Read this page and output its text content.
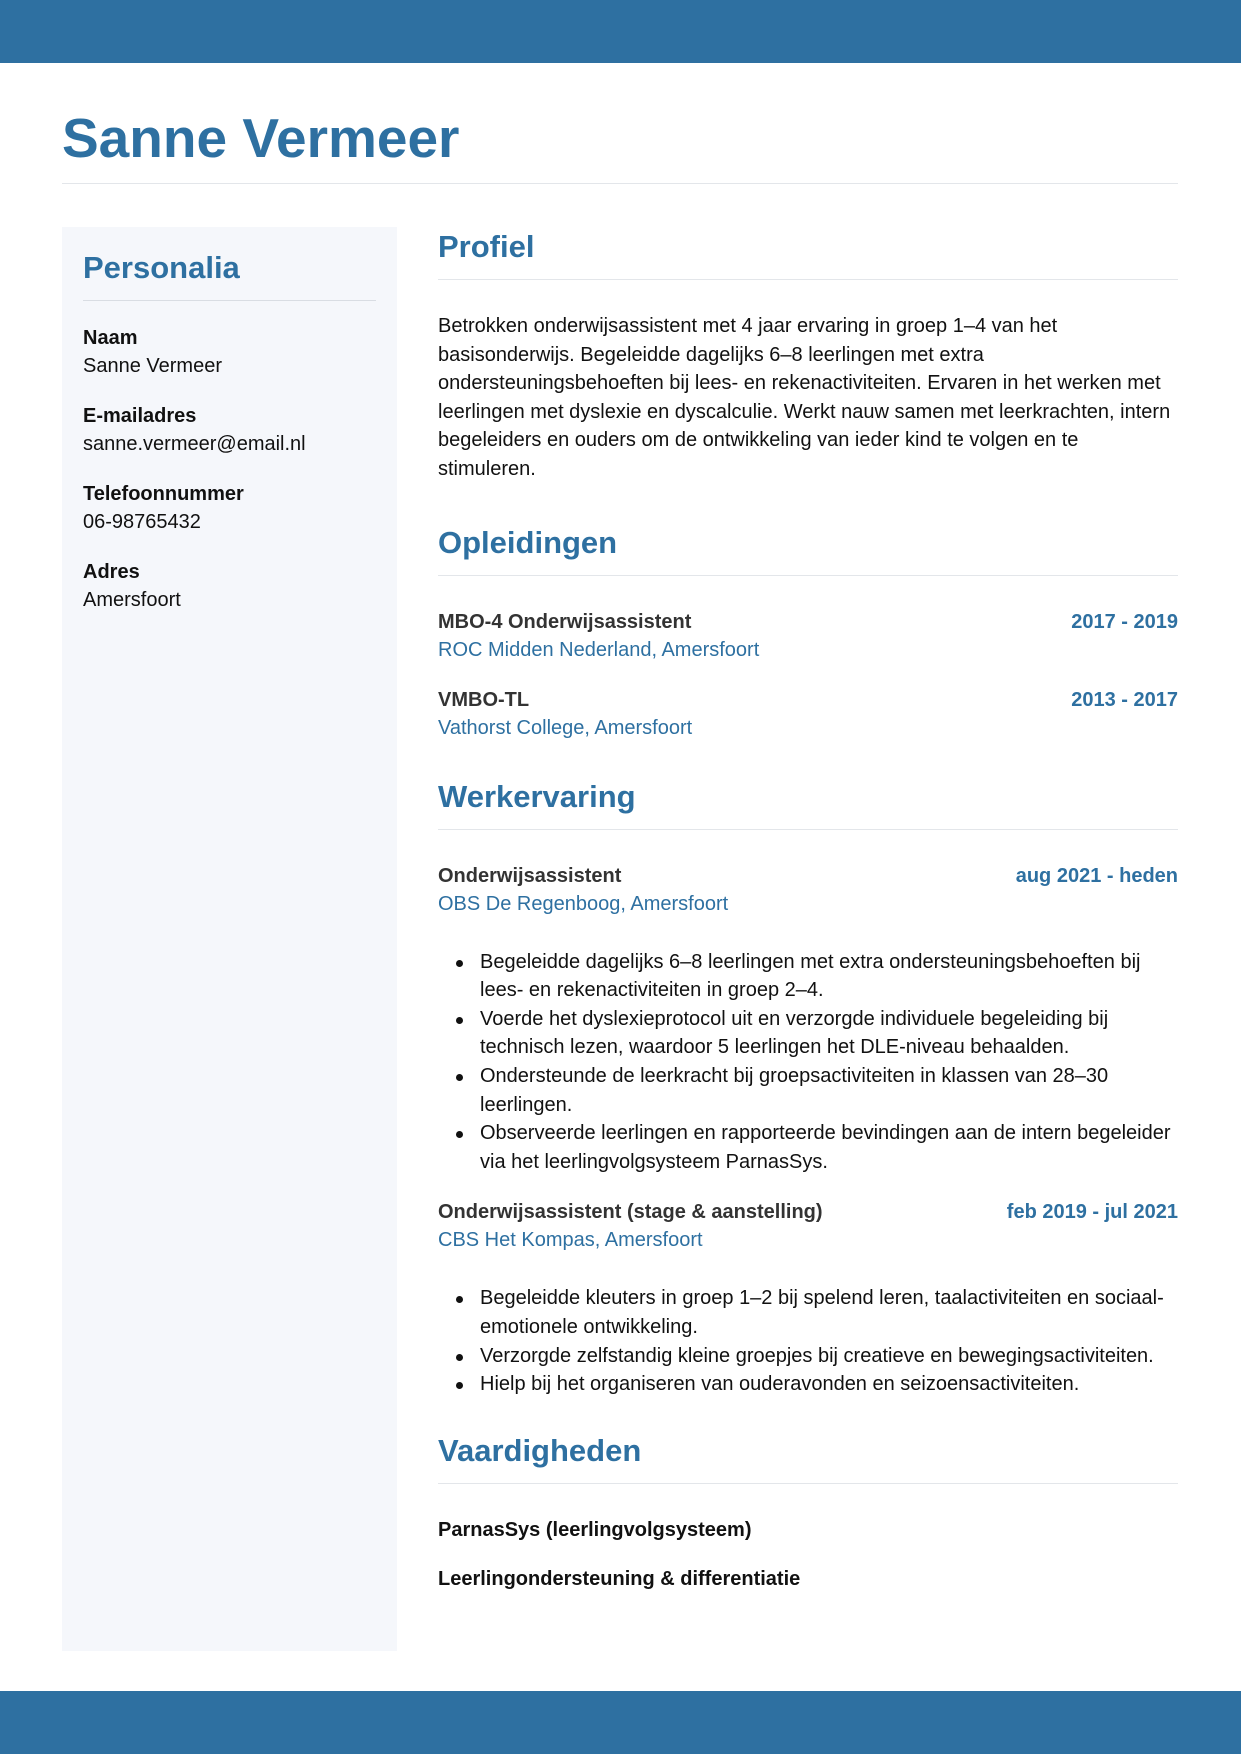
Sanne Vermeer
Personalia
Naam
Sanne Vermeer
E-mailadres
sanne.vermeer@email.nl
Telefoonnummer
06-98765432
Adres
Amersfoort
Profiel

Betrokken onderwijsassistent met 4 jaar ervaring in groep 1–4 van het basisonderwijs. Begeleidde dagelijks 6–8 leerlingen met extra ondersteuningsbehoeften bij lees- en rekenactiviteiten. Ervaren in het werken met leerlingen met dyslexie en dyscalculie. Werkt nauw samen met leerkrachten, intern begeleiders en ouders om de ontwikkeling van ieder kind te volgen en te stimuleren.

Opleidingen
MBO-4 Onderwijsassistent	2017 - 2019
ROC Midden Nederland, Amersfoort
VMBO-TL	2013 - 2017
Vathorst College, Amersfoort
Werkervaring
Onderwijsassistent	aug 2021 - heden
OBS De Regenboog, Amersfoort
Begeleidde dagelijks 6–8 leerlingen met extra ondersteuningsbehoeften bij lees- en rekenactiviteiten in groep 2–4.
Voerde het dyslexieprotocol uit en verzorgde individuele begeleiding bij technisch lezen, waardoor 5 leerlingen het DLE-niveau behaalden.
Ondersteunde de leerkracht bij groepsactiviteiten in klassen van 28–30 leerlingen.
Observeerde leerlingen en rapporteerde bevindingen aan de intern begeleider via het leerlingvolgsysteem ParnasSys.
Onderwijsassistent (stage & aanstelling)	feb 2019 - jul 2021
CBS Het Kompas, Amersfoort
Begeleidde kleuters in groep 1–2 bij spelend leren, taalactiviteiten en sociaal-emotionele ontwikkeling.
Verzorgde zelfstandig kleine groepjes bij creatieve en bewegingsactiviteiten.
Hielp bij het organiseren van ouderavonden en seizoensactiviteiten.
Vaardigheden
ParnasSys (leerlingvolgsysteem)
Leerlingondersteuning & differentiatie
